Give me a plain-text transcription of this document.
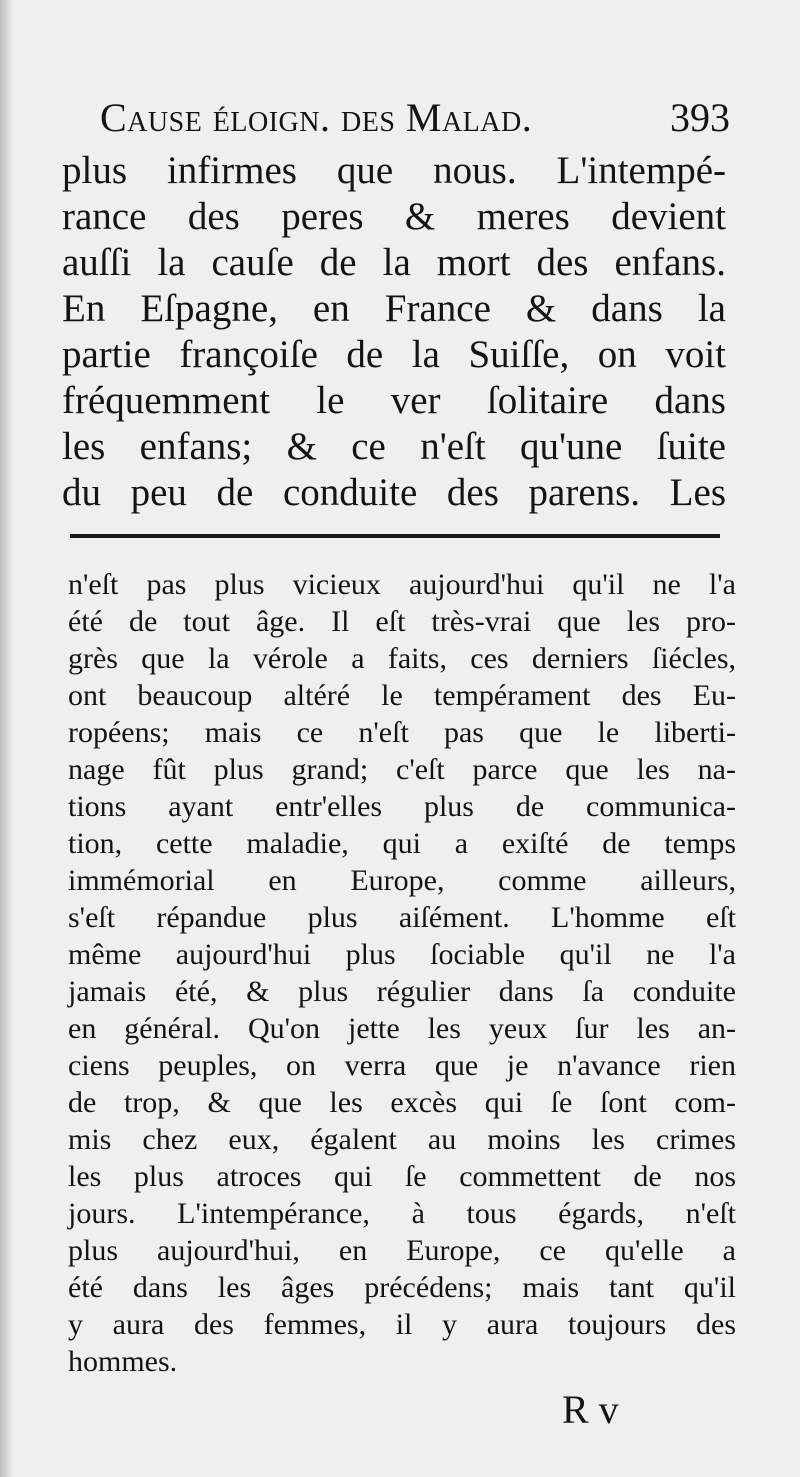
Cause éloign. des Malad.	393
plus infirmes que nous. L'intempé-
rance des peres & meres devient
auſſi la cauſe de la mort des enfans.
En Eſpagne, en France & dans la
partie françoiſe de la Suiſſe, on voit
fréquemment le ver ſolitaire dans
les enfans; & ce n'eſt qu'une ſuite
du peu de conduite des parens. Les
n'eſt pas plus vicieux aujourd'hui qu'il ne l'a
été de tout âge. Il eſt très-vrai que les pro-
grès que la vérole a faits, ces derniers ſiécles,
ont beaucoup altéré le tempérament des Eu-
ropéens; mais ce n'eſt pas que le liberti-
nage fût plus grand; c'eſt parce que les na-
tions ayant entr'elles plus de communica-
tion, cette maladie, qui a exiſté de temps
immémorial en Europe, comme ailleurs,
s'eſt répandue plus aiſément. L'homme eſt
même aujourd'hui plus ſociable qu'il ne l'a
jamais été, & plus régulier dans ſa conduite
en général. Qu'on jette les yeux ſur les an-
ciens peuples, on verra que je n'avance rien
de trop, & que les excès qui ſe ſont com-
mis chez eux, égalent au moins les crimes
les plus atroces qui ſe commettent de nos
jours. L'intempérance, à tous égards, n'eſt
plus aujourd'hui, en Europe, ce qu'elle a
été dans les âges précédens; mais tant qu'il
y aura des femmes, il y aura toujours des
hommes.
R v
